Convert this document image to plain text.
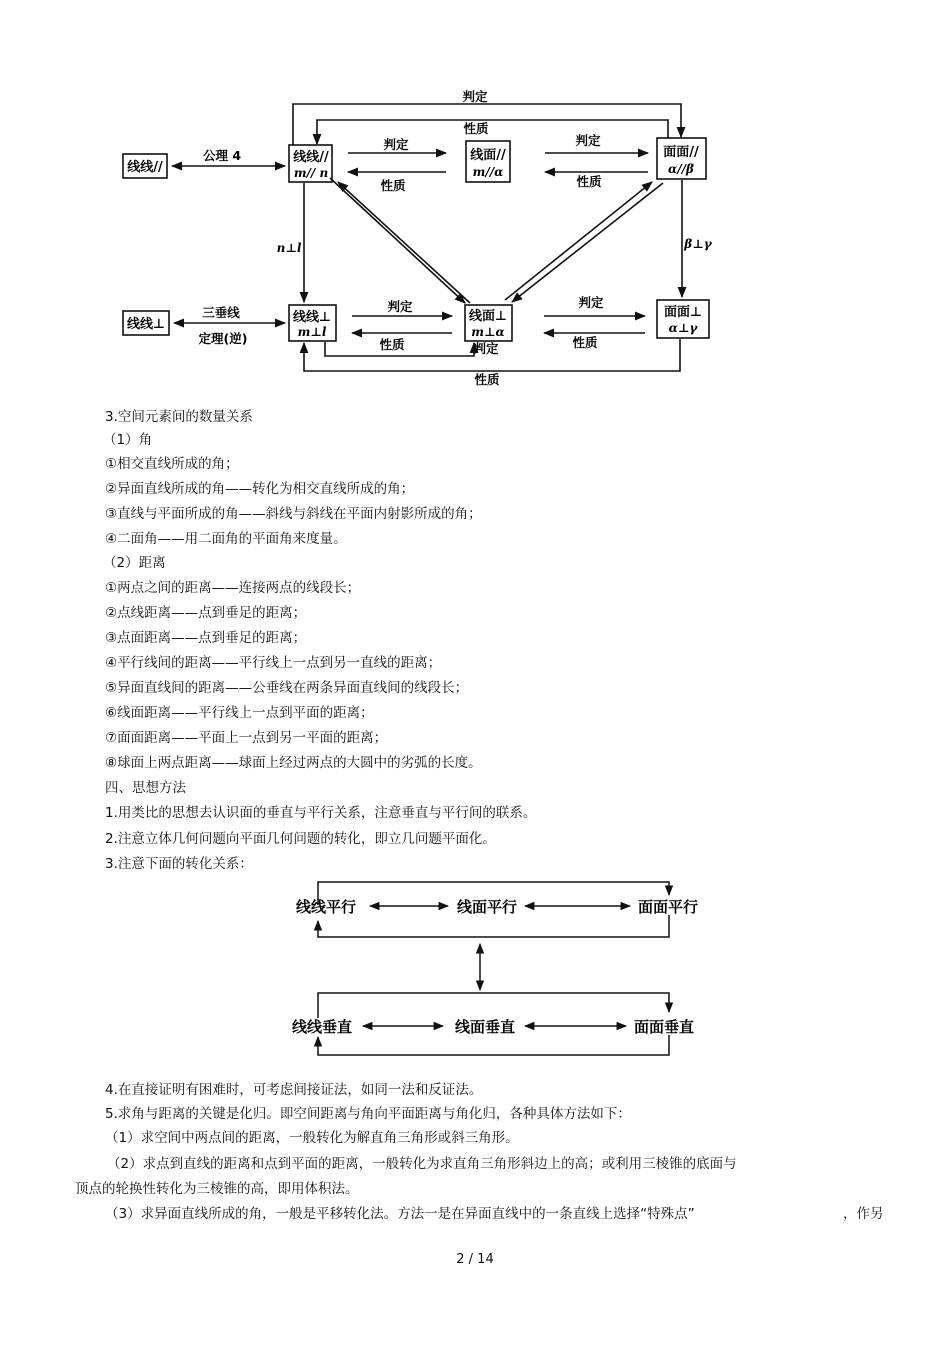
线线//
线线⊥
线线//
m// n
线面//
m//α
面面//
α//β
线线⊥
m⊥l
线面⊥
m⊥α
面面⊥
α⊥γ
判定
性质
公理 4
判定
性质
判定
性质
n⊥l	β⊥γ
三垂线
定理(逆)
判定
性质
判定
性质
判定
性质
3.空间元素间的数量关系
（1）角
①相交直线所成的角；
②异面直线所成的角——转化为相交直线所成的角；
③直线与平面所成的角——斜线与斜线在平面内射影所成的角；
④二面角——用二面角的平面角来度量。
（2）距离
①两点之间的距离——连接两点的线段长；
②点线距离——点到垂足的距离；
③点面距离——点到垂足的距离；
④平行线间的距离——平行线上一点到另一直线的距离；
⑤异面直线间的距离——公垂线在两条异面直线间的线段长；
⑥线面距离——平行线上一点到平面的距离；
⑦面面距离——平面上一点到另一平面的距离；
⑧球面上两点距离——球面上经过两点的大圆中的劣弧的长度。
四、思想方法
1.用类比的思想去认识面的垂直与平行关系，注意垂直与平行间的联系。
2.注意立体几何问题向平面几何问题的转化，即立几问题平面化。
3.注意下面的转化关系：
线线平行	线面平行	面面平行
线线垂直	线面垂直	面面垂直
4.在直接证明有困难时，可考虑间接证法，如同一法和反证法。
5.求角与距离的关键是化归。即空间距离与角向平面距离与角化归，各种具体方法如下：
（1）求空间中两点间的距离，一般转化为解直角三角形或斜三角形。
（2）求点到直线的距离和点到平面的距离，一般转化为求直角三角形斜边上的高；或利用三棱锥的底面与
顶点的轮换性转化为三棱锥的高，即用体积法。
（3）求异面直线所成的角，一般是平移转化法。方法一是在异面直线中的一条直线上选择“特殊点”	，作另
2 / 14
